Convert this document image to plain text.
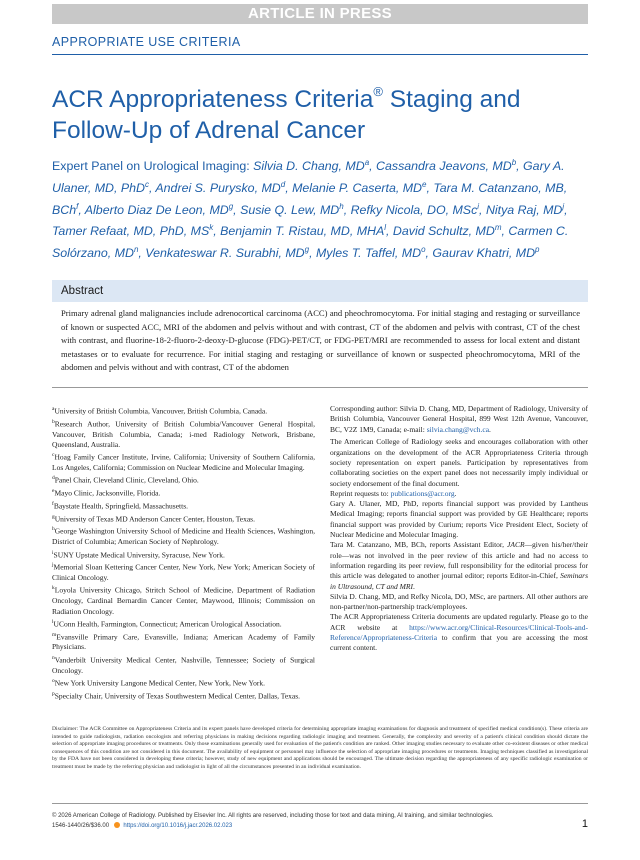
ARTICLE IN PRESS
APPROPRIATE USE CRITERIA
ACR Appropriateness Criteria® Staging and Follow-Up of Adrenal Cancer
Expert Panel on Urological Imaging: Silvia D. Chang, $MD^a$, Cassandra Jeavons, $MD^b$, Gary A. Ulaner, MD, PhD$^c$, Andrei S. Purysko, $MD^d$, Melanie P. Caserta, MDe, Tara M. Catanzano, MB, BCh$^f$, Alberto Diaz De Leon, $MD^g$, Susie Q. Lew, $MD^h$, Refky Nicola, DO, MSc$^i$, Nitya Raj, $MD^j$, Tamer Refaat, MD, PhD, $MS^k$, Benjamin T. Ristau, MD, MHA$^l$, David Schultz, $MD^m$, Carmen C. Solórzano, $MD^n$, Venkateswar R. Surabhi, $MD^g$, Myles T. Taffel, $MD^o$, Gaurav Khatri, $MD^p$
Abstract
Primary adrenal gland malignancies include adrenocortical carcinoma (ACC) and pheochromocytoma. For initial staging and restaging or surveillance of known or suspected ACC, MRI of the abdomen and pelvis without and with contrast, CT of the abdomen and pelvis with contrast, CT of the chest with contrast, and fluorine-18-2-fluoro-2-deoxy-D-glucose (FDG)-PET/CT, or FDG-PET/MRI are recommended to assess for local extent and distant metastases or to evaluate for recurrence. For initial staging and restaging or surveillance of known or suspected pheochromocytoma, MRI of the abdomen and pelvis without and with contrast, CT of the abdomen
$^a$University of British Columbia, Vancouver, British Columbia, Canada.
$^b$Research Author, University of British Columbia/Vancouver General Hospital, Vancouver, British Columbia, Canada; i-med Radiology Network, Brisbane, Queensland, Australia.
$^c$Hoag Family Cancer Institute, Irvine, California; University of Southern California, Los Angeles, California; Commission on Nuclear Medicine and Molecular Imaging.
$^d$Panel Chair, Cleveland Clinic, Cleveland, Ohio.
$^e$Mayo Clinic, Jacksonville, Florida.
$^f$Baystate Health, Springfield, Massachusetts.
$^g$University of Texas MD Anderson Cancer Center, Houston, Texas.
$^h$George Washington University School of Medicine and Health Sciences, Washington, District of Columbia; American Society of Nephrology.
$^i$SUNY Upstate Medical University, Syracuse, New York.
$^j$Memorial Sloan Kettering Cancer Center, New York, New York; American Society of Clinical Oncology.
$^k$Loyola University Chicago, Stritch School of Medicine, Department of Radiation Oncology, Cardinal Bernardin Cancer Center, Maywood, Illinois; Commission on Radiation Oncology.
$^l$UConn Health, Farmington, Connecticut; American Urological Association.
$^m$Evansville Primary Care, Evansville, Indiana; American Academy of Family Physicians.
$^n$Vanderbilt University Medical Center, Nashville, Tennessee; Society of Surgical Oncology.
$^o$New York University Langone Medical Center, New York, New York.
$^p$Specialty Chair, University of Texas Southwestern Medical Center, Dallas, Texas.

Corresponding author: Silvia D. Chang, MD, Department of Radiology, University of British Columbia, Vancouver General Hospital, 899 West 12th Avenue, Vancouver, BC, V2Z 1M9, Canada; e-mail: silvia.chang@vch.ca.

The American College of Radiology seeks and encourages collaboration with other organizations on the development of the ACR Appropriateness Criteria through society representation on expert panels. Participation by representatives from collaborating societies on the expert panel does not necessarily imply individual or society endorsement of the final document.
Reprint requests to: publications@acr.org.
Gary A. Ulaner, MD, PhD, reports financial support was provided by Lantheus Medical Imaging; reports financial support was provided by GE Healthcare; reports financial support was provided by Curium; reports Vice President Elect, Society of Nuclear Medicine and Molecular Imaging.
Tara M. Catanzano, MB, BCh, reports Assistant Editor, JACR—given his/her/their role—was not involved in the peer review of this article and had no access to information regarding its peer review, full responsibility for the editorial process for this article was delegated to another journal editor; reports Editor-in-Chief, Seminars in Ultrasound, CT and MRI.
Silvia D. Chang, MD, and Refky Nicola, DO, MSc, are partners. All other authors are non-partner/non-partnership track/employees.
The ACR Appropriateness Criteria documents are updated regularly. Please go to the ACR website at https://www.acr.org/Clinical-Resources/Clinical-Tools-and-Reference/Appropriateness-Criteria to confirm that you are accessing the most current content.

Disclaimer: The ACR Committee on Appropriateness Criteria and its expert panels have developed criteria for determining appropriate imaging examinations for diagnosis and treatment of specified medical condition(s). These criteria are intended to guide radiologists, radiation oncologists and referring physicians in making decisions regarding radiologic imaging and treatment. Generally, the complexity and severity of a patient's clinical condition should dictate the selection of appropriate imaging procedures or treatments. Only those examinations generally used for evaluation of the patient's condition are ranked. Other imaging studies necessary to evaluate other co-existent diseases or other medical consequences of this condition are not considered in this document. The availability of equipment or personnel may influence the selection of appropriate imaging procedures or treatments. Imaging techniques classified as investigational by the FDA have not been considered in developing these criteria; however, study of new equipment and applications should be encouraged. The ultimate decision regarding the appropriateness of any specific radiologic examination or treatment must be made by the referring physician and radiologist in light of all the circumstances presented in an individual examination.
© 2026 American College of Radiology. Published by Elsevier Inc. All rights are reserved, including those for text and data mining, AI training, and similar technologies.
1546-1440/26/$36.00 https://doi.org/10.1016/j.jacr.2026.02.023	1
